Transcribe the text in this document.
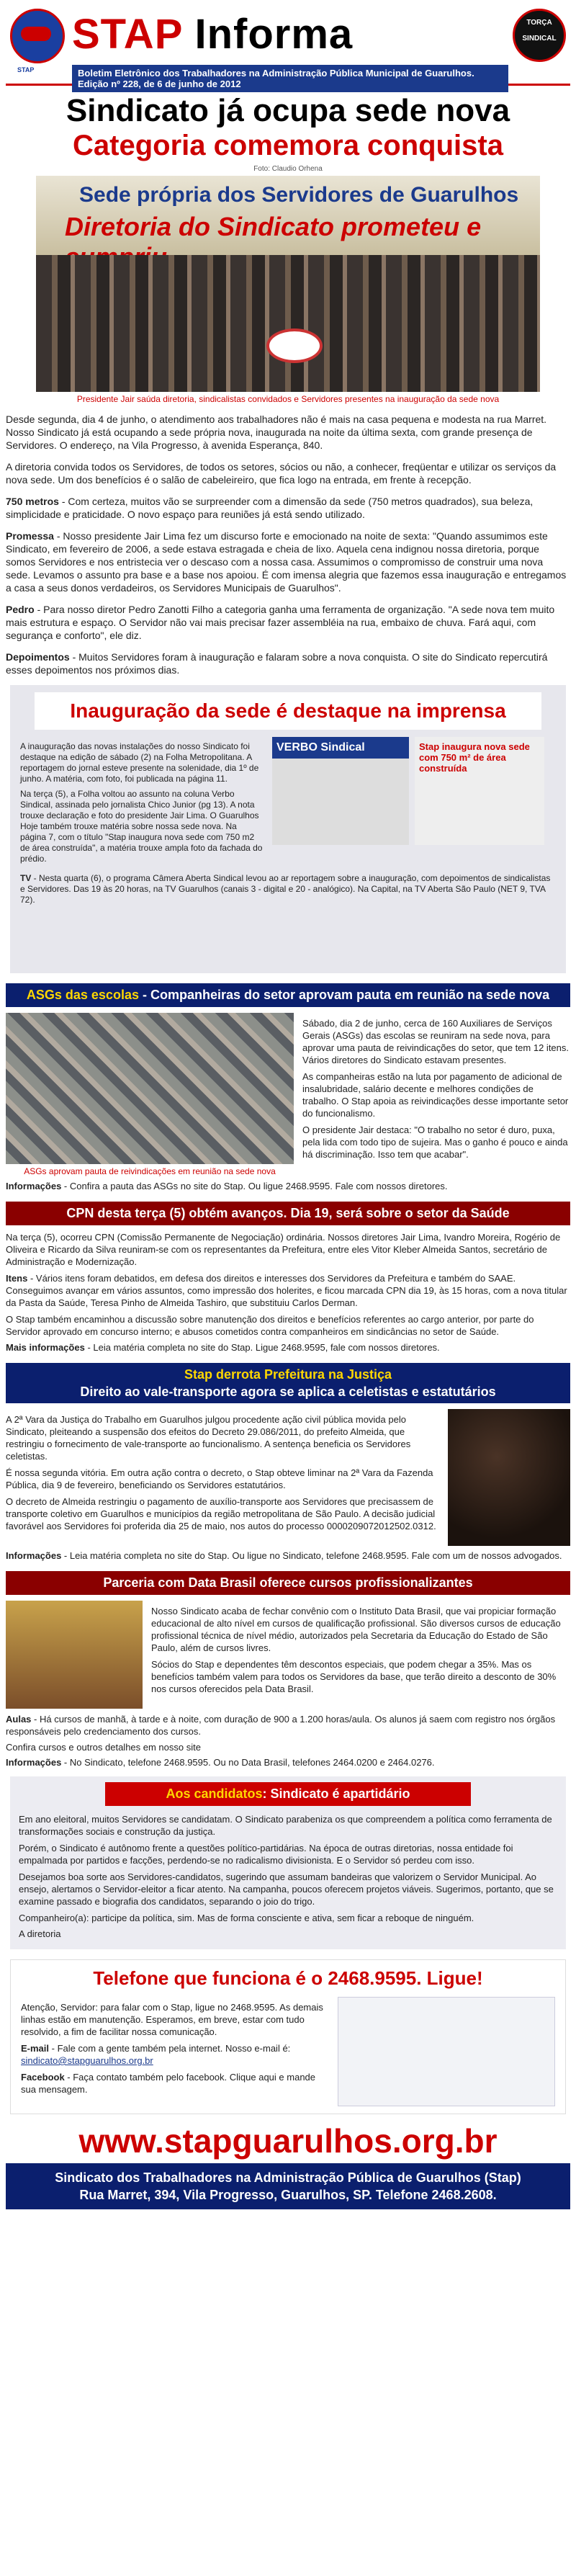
STAP
STAP Informa	TORÇA
SINDICAL
Boletim Eletrônico dos Trabalhadores na Administração Pública Municipal de Guarulhos. Edição nº 228, de 6 de junho de 2012
Sindicato já ocupa sede nova
Categoria comemora conquista
Foto: Claudio Orhena
Sede própria dos Servidores de Guarulhos
Diretoria do Sindicato prometeu e
Presidente Jair saúda diretoria, sindicalistas convidados e Servidores presentes na inauguração da sede nova

Desde segunda, dia 4 de junho, o atendimento aos trabalhadores não é mais na casa pequena e modesta na rua Marret. Nosso Sindicato já está ocupando a sede própria nova, inaugurada na noite da última sexta, com grande presença de Servidores. O endereço, na Vila Progresso, à avenida Esperança, 840.

A diretoria convida todos os Servidores, de todos os setores, sócios ou não, a conhecer, freqüentar e utilizar os serviços da nova sede. Um dos benefícios é o salão de cabeleireiro, que fica logo na entrada, em frente à recepção.

750 metros - Com certeza, muitos vão se surpreender com a dimensão da sede (750 metros quadrados), sua beleza, simplicidade e praticidade. O novo espaço para reuniões já está sendo utilizado.

Promessa - Nosso presidente Jair Lima fez um discurso forte e emocionado na noite de sexta: "Quando assumimos este Sindicato, em fevereiro de 2006, a sede estava estragada e cheia de lixo. Aquela cena indignou nossa diretoria, porque somos Servidores e nos entristecia ver o descaso com a nossa casa. Assumimos o compromisso de construir uma nova sede. Levamos o assunto pra base e a base nos apoiou. É com imensa alegria que fazemos essa inauguração e entregamos a casa a seus donos verdadeiros, os Servidores Municipais de Guarulhos".

Pedro - Para nosso diretor Pedro Zanotti Filho a categoria ganha uma ferramenta de organização. "A sede nova tem muito mais estrutura e espaço. O Servidor não vai mais precisar fazer assembléia na rua, embaixo de chuva. Fará aqui, com segurança e conforto", ele diz.

Depoimentos - Muitos Servidores foram à inauguração e falaram sobre a nova conquista. O site do Sindicato repercutirá esses depoimentos nos próximos dias.

Inauguração da sede é destaque na imprensa

A inauguração das novas instalações do nosso Sindicato foi destaque na edição de sábado (2) na Folha Metropolitana. A reportagem do jornal esteve presente na solenidade, dia 1º de junho. A matéria, com foto, foi publicada na página 11.

Na terça (5), a Folha voltou ao assunto na coluna Verbo Sindical, assinada pelo jornalista Chico Junior (pg 13). A nota trouxe declaração e foto do presidente Jair Lima. O Guarulhos Hoje também trouxe matéria sobre nossa sede nova. Na página 7, com o título "Stap inaugura nova sede com 750 m2 de área construída", a matéria trouxe ampla foto da fachada do prédio.

VERBO Sindical	Stap inaugura nova sede com 750 m² de área construída

TV - Nesta quarta (6), o programa Câmera Aberta Sindical levou ao ar reportagem sobre a inauguração, com depoimentos de sindicalistas e Servidores. Das 19 às 20 horas, na TV Guarulhos (canais 3 - digital e 20 - analógico). Na Capital, na TV Aberta São Paulo (NET 9, TVA 72).

ASGs das escolas - Companheiras do setor aprovam pauta em reunião na sede nova
ASGs aprovam pauta de reivindicações em reunião na sede nova

Sábado, dia 2 de junho, cerca de 160 Auxiliares de Serviços Gerais (ASGs) das escolas se reuniram na sede nova, para aprovar uma pauta de reivindicações do setor, que tem 12 itens. Vários diretores do Sindicato estavam presentes.

As companheiras estão na luta por pagamento de adicional de insalubridade, salário decente e melhores condições de trabalho. O Stap apoia as reivindicações desse importante setor do funcionalismo.

O presidente Jair destaca: "O trabalho no setor é duro, puxa, pela lida com todo tipo de sujeira. Mas o ganho é pouco e ainda há discriminação. Isso tem que acabar".

Informações - Confira a pauta das ASGs no site do Stap. Ou ligue 2468.9595. Fale com nossos diretores.

CPN desta terça (5) obtém avanços. Dia 19, será sobre o setor da Saúde

Na terça (5), ocorreu CPN (Comissão Permanente de Negociação) ordinária. Nossos diretores Jair Lima, Ivandro Moreira, Rogério de Oliveira e Ricardo da Silva reuniram-se com os representantes da Prefeitura, entre eles Vitor Kleber Almeida Santos, secretário de Administração e Modernização.

Itens - Vários itens foram debatidos, em defesa dos direitos e interesses dos Servidores da Prefeitura e também do SAAE. Conseguimos avançar em vários assuntos, como impressão dos holerites, e ficou marcada CPN dia 19, às 15 horas, com a nova titular da Pasta da Saúde, Teresa Pinho de Almeida Tashiro, que substituiu Carlos Derman.

O Stap também encaminhou a discussão sobre manutenção dos direitos e benefícios referentes ao cargo anterior, por parte do Servidor aprovado em concurso interno; e abusos cometidos contra companheiros em sindicâncias no setor de Saúde.

Mais informações - Leia matéria completa no site do Stap. Ligue 2468.9595, fale com nossos diretores.

Stap derrota Prefeitura na Justiça
Direito ao vale-transporte agora se aplica a celetistas e estatutários

A 2ª Vara da Justiça do Trabalho em Guarulhos julgou procedente ação civil pública movida pelo Sindicato, pleiteando a suspensão dos efeitos do Decreto 29.086/2011, do prefeito Almeida, que restringiu o fornecimento de vale-transporte ao funcionalismo. A sentença beneficia os Servidores celetistas.

É nossa segunda vitória. Em outra ação contra o decreto, o Stap obteve liminar na 2ª Vara da Fazenda Pública, dia 9 de fevereiro, beneficiando os Servidores estatutários.

O decreto de Almeida restringiu o pagamento de auxílio-transporte aos Servidores que precisassem de transporte coletivo em Guarulhos e municípios da região metropolitana de São Paulo. A decisão judicial favorável aos Servidores foi proferida dia 25 de maio, nos autos do processo 0000209072012502.0312.

Informações - Leia matéria completa no site do Stap. Ou ligue no Sindicato, telefone 2468.9595. Fale com um de nossos advogados.

Parceria com Data Brasil oferece cursos profissionalizantes

Nosso Sindicato acaba de fechar convênio com o Instituto Data Brasil, que vai propiciar formação educacional de alto nível em cursos de qualificação profissional. São diversos cursos de educação profissional técnica de nível médio, autorizados pela Secretaria da Educação do Estado de São Paulo, além de cursos livres.

Sócios do Stap e dependentes têm descontos especiais, que podem chegar a 35%. Mas os benefícios também valem para todos os Servidores da base, que terão direito a desconto de 30% nos cursos oferecidos pela Data Brasil.

Aulas - Há cursos de manhã, à tarde e à noite, com duração de 900 a 1.200 horas/aula. Os alunos já saem com registro nos órgãos responsáveis pelo credenciamento dos cursos.

Confira cursos e outros detalhes em nosso site

Informações - No Sindicato, telefone 2468.9595. Ou no Data Brasil, telefones 2464.0200 e 2464.0276.

Aos candidatos: Sindicato é apartidário

Em ano eleitoral, muitos Servidores se candidatam. O Sindicato parabeniza os que compreendem a política como ferramenta de transformações sociais e construção da justiça.

Porém, o Sindicato é autônomo frente a questões político-partidárias. Na época de outras diretorias, nossa entidade foi empalmada por partidos e facções, perdendo-se no radicalismo divisionista. E o Servidor só perdeu com isso.

Desejamos boa sorte aos Servidores-candidatos, sugerindo que assumam bandeiras que valorizem o Servidor Municipal. Ao ensejo, alertamos o Servidor-eleitor a ficar atento. Na campanha, poucos oferecem projetos viáveis. Sugerimos, portanto, que se examine passado e biografia dos candidatos, separando o joio do trigo.

Companheiro(a): participe da política, sim. Mas de forma consciente e ativa, sem ficar a reboque de ninguém.

A diretoria

Telefone que funciona é o 2468.9595. Ligue!

Atenção, Servidor: para falar com o Stap, ligue no 2468.9595. As demais linhas estão em manutenção. Esperamos, em breve, estar com tudo resolvido, a fim de facilitar nossa comunicação.

E-mail - Fale com a gente também pela internet. Nosso e-mail é: sindicato@stapguarulhos.org.br

Facebook - Faça contato também pelo facebook. Clique aqui e mande sua mensagem.

www.stapguarulhos.org.br
Sindicato dos Trabalhadores na Administração Pública de Guarulhos (Stap)
Rua Marret, 394, Vila Progresso, Guarulhos, SP. Telefone 2468.2608.
